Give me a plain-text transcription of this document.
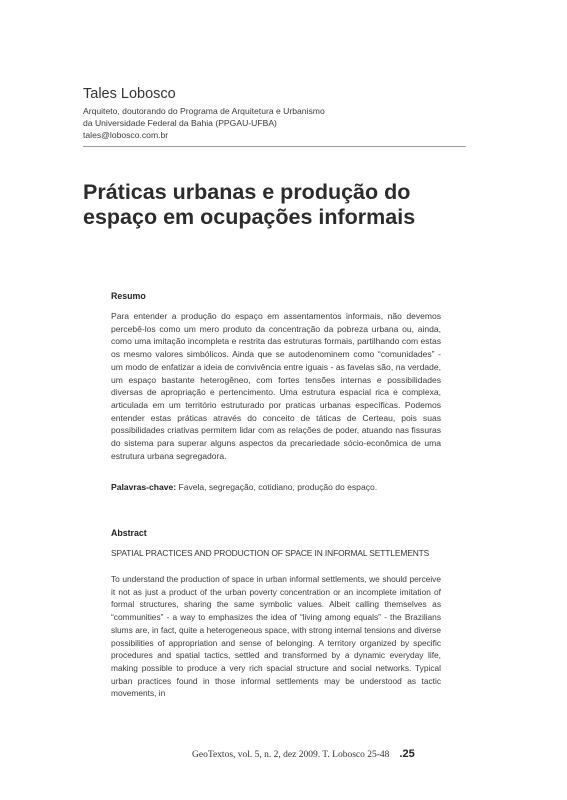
Tales Lobosco

Arquiteto, doutorando do Programa de Arquitetura e Urbanismo
da Universidade Federal da Bahia (PPGAU-UFBA)
tales@lobosco.com.br
Práticas urbanas e produção do
espaço em ocupações informais

Resumo

Para entender a produção do espaço em assentamentos informais, não devemos percebê-los como um mero produto da concentração da pobreza urbana ou, ainda, como uma imitação incompleta e restrita das estruturas formais, partilhando com estas os mesmo valores simbólicos. Ainda que se autodenominem como “comunidades” - um modo de enfatizar a ideia de convivência entre iguais - as favelas são, na verdade, um espaço bastante heterogêneo, com fortes tensões internas e possibilidades diversas de apropriação e pertencimento. Uma estrutura espacial rica e complexa, articulada em um território estruturado por praticas urbanas específicas. Podemos entender estas práticas através do conceito de táticas de Certeau, pois suas possibilidades criativas permitem lidar com as relações de poder, atuando nas fissuras do sistema para superar alguns aspectos da precariedade sócio-econômica de uma estrutura urbana segregadora.

Palavras-chave: Favela, segregação, cotidiano, produção do espaço.

Abstract

SPATIAL PRACTICES AND PRODUCTION OF SPACE IN INFORMAL SETTLEMENTS

To understand the production of space in urban informal settlements, we should perceive it not as just a product of the urban poverty concentration or an incomplete imitation of formal structures, sharing the same symbolic values. Albeit calling themselves as “communities” - a way to emphasizes the idea of “living among equals” - the Brazilians slums are, in fact, quite a heterogeneous space, with strong internal tensions and diverse possibilities of appropriation and sense of belonging. A territory organized by specific procedures and spatial tactics, settled and transformed by a dynamic everyday life, making possible to produce a very rich spacial structure and social networks. Typical urban practices found in those informal settlements may be understood as tactic movements, in

GeoTextos, vol. 5, n. 2, dez 2009. T. Lobosco 25-48 .25
